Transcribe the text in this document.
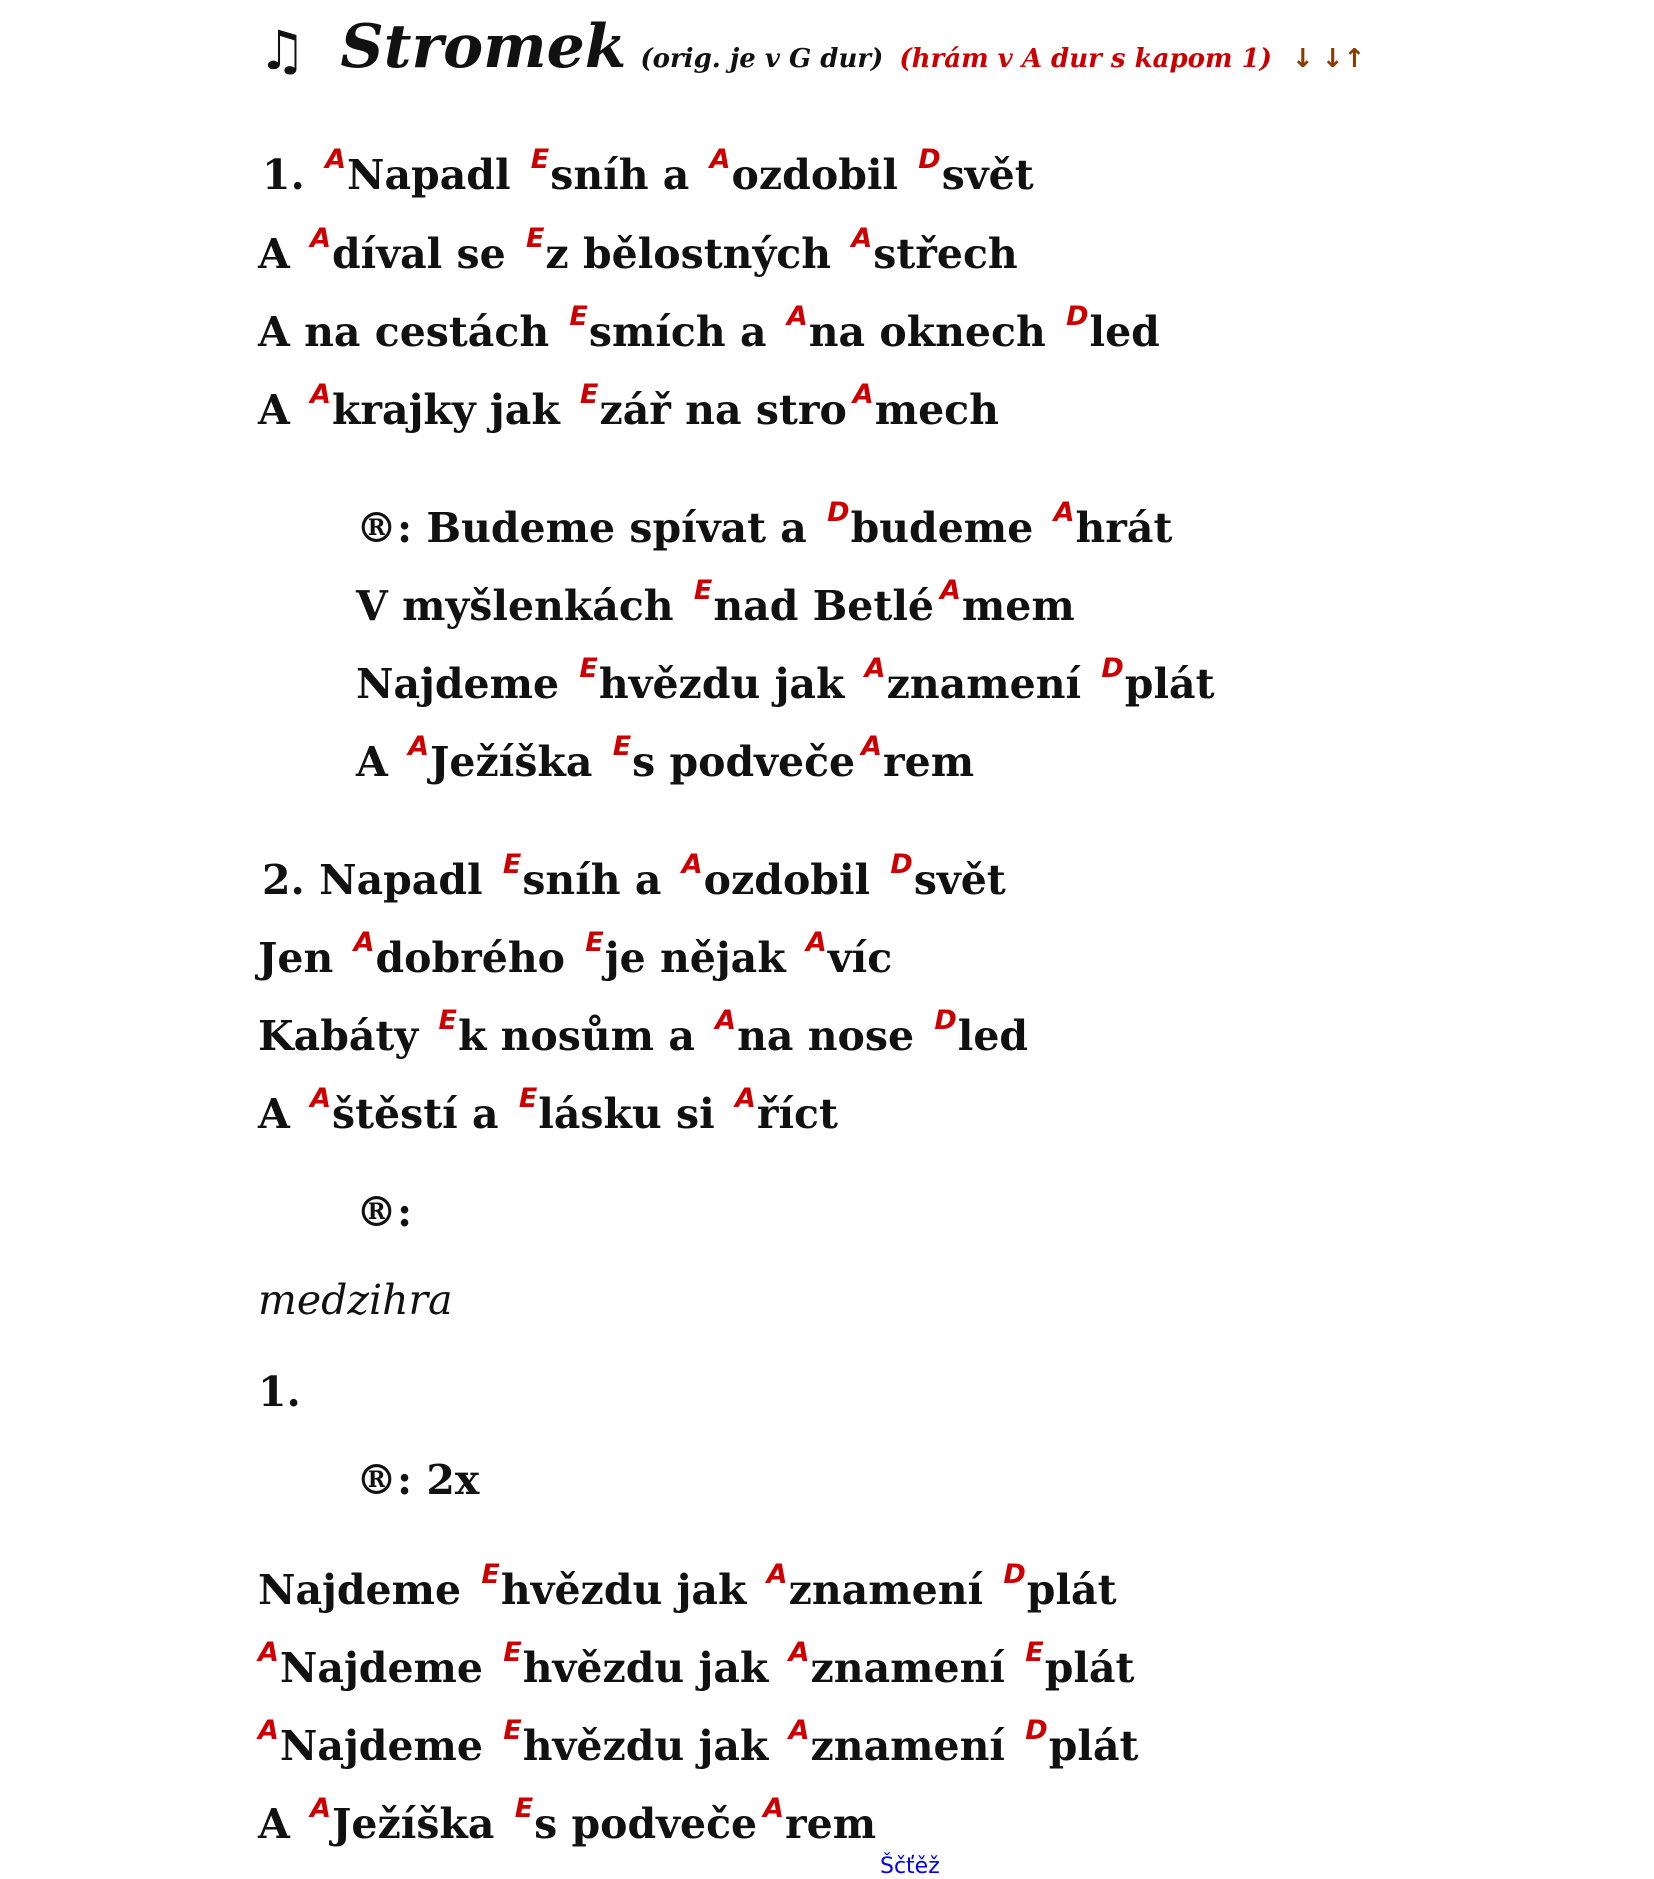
♫ Stromek (orig. je v G dur) (hrám v A dur s kapom 1) ↓ ↓↑
1. $^A$Napadl $^E$sníh a $^A$ozdobil $^D$svět
A $^A$díval se $^E$z bělostných $^A$střech
A na cestách $^E$smích a $^A$na oknech $^D$led
A $^A$krajky jak $^E$zář na stro $^A$mech
®: Budeme spívat a $^D$budeme $^A$hrát
V myšlenkách $^E$nad Betlé $^A$mem
Najdeme $^E$hvězdu jak $^A$znamení $^D$plát
A $^A$Ježíška $^E$s podveče $^A$rem
2. Napadl $^E$sníh a $^A$ozdobil $^D$svět
Jen $^A$dobrého $^E$je nějak $^A$víc
Kabáty $^E$k nosům a $^A$na nose $^D$led
A $^A$štěstí a $^E$lásku si $^A$říct
®:
medzihra
1.
®: 2x
Najdeme $^E$hvězdu jak $^A$znamení $^D$plát
$^A$Najdeme $^E$hvězdu jak $^A$znamení $^E$plát
$^A$Najdeme $^E$hvězdu jak $^A$znamení $^D$plát
A $^A$Ježíška $^E$s podveče $^A$rem
Ščťěž
